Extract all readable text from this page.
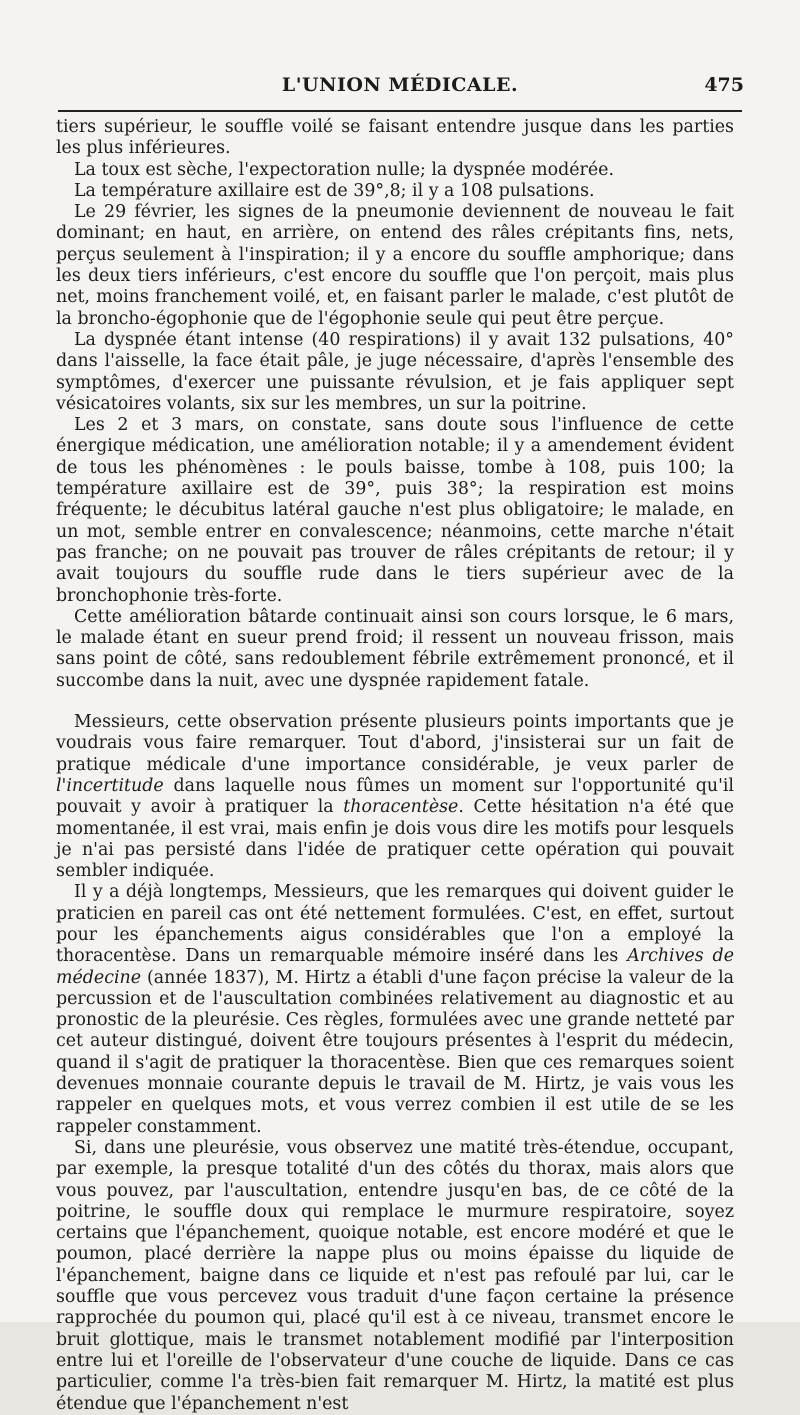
L'UNION MÉDICALE.	475

tiers supérieur, le souffle voilé se faisant entendre jusque dans les parties les plus inférieures.

La toux est sèche, l'expectoration nulle; la dyspnée modérée.

La température axillaire est de 39°,8; il y a 108 pulsations.

Le 29 février, les signes de la pneumonie deviennent de nouveau le fait dominant; en haut, en arrière, on entend des râles crépitants fins, nets, perçus seulement à l'inspiration; il y a encore du souffle amphorique; dans les deux tiers inférieurs, c'est encore du souffle que l'on perçoit, mais plus net, moins franchement voilé, et, en faisant parler le malade, c'est plutôt de la broncho-égophonie que de l'égophonie seule qui peut être perçue.

La dyspnée étant intense (40 respirations) il y avait 132 pulsations, 40° dans l'aisselle, la face était pâle, je juge nécessaire, d'après l'ensemble des symptômes, d'exercer une puissante révulsion, et je fais appliquer sept vésicatoires volants, six sur les membres, un sur la poitrine.

Les 2 et 3 mars, on constate, sans doute sous l'influence de cette énergique médication, une amélioration notable; il y a amendement évident de tous les phénomènes : le pouls baisse, tombe à 108, puis 100; la température axillaire est de 39°, puis 38°; la respiration est moins fréquente; le décubitus latéral gauche n'est plus obligatoire; le malade, en un mot, semble entrer en convalescence; néanmoins, cette marche n'était pas franche; on ne pouvait pas trouver de râles crépitants de retour; il y avait toujours du souffle rude dans le tiers supérieur avec de la bronchophonie très-forte.

Cette amélioration bâtarde continuait ainsi son cours lorsque, le 6 mars, le malade étant en sueur prend froid; il ressent un nouveau frisson, mais sans point de côté, sans redoublement fébrile extrêmement prononcé, et il succombe dans la nuit, avec une dyspnée rapidement fatale.

Messieurs, cette observation présente plusieurs points importants que je voudrais vous faire remarquer. Tout d'abord, j'insisterai sur un fait de pratique médicale d'une importance considérable, je veux parler de l'incertitude dans laquelle nous fûmes un moment sur l'opportunité qu'il pouvait y avoir à pratiquer la thoracentèse. Cette hésitation n'a été que momentanée, il est vrai, mais enfin je dois vous dire les motifs pour lesquels je n'ai pas persisté dans l'idée de pratiquer cette opération qui pouvait sembler indiquée.

Il y a déjà longtemps, Messieurs, que les remarques qui doivent guider le praticien en pareil cas ont été nettement formulées. C'est, en effet, surtout pour les épanchements aigus considérables que l'on a employé la thoracentèse. Dans un remarquable mémoire inséré dans les Archives de médecine (année 1837), M. Hirtz a établi d'une façon précise la valeur de la percussion et de l'auscultation combinées relativement au diagnostic et au pronostic de la pleurésie. Ces règles, formulées avec une grande netteté par cet auteur distingué, doivent être toujours présentes à l'esprit du médecin, quand il s'agit de pratiquer la thoracentèse. Bien que ces remarques soient devenues monnaie courante depuis le travail de M. Hirtz, je vais vous les rappeler en quelques mots, et vous verrez combien il est utile de se les rappeler constamment.

Si, dans une pleurésie, vous observez une matité très-étendue, occupant, par exemple, la presque totalité d'un des côtés du thorax, mais alors que vous pouvez, par l'auscultation, entendre jusqu'en bas, de ce côté de la poitrine, le souffle doux qui remplace le murmure respiratoire, soyez certains que l'épanchement, quoique notable, est encore modéré et que le poumon, placé derrière la nappe plus ou moins épaisse du liquide de l'épanchement, baigne dans ce liquide et n'est pas refoulé par lui, car le souffle que vous percevez vous traduit d'une façon certaine la présence rapprochée du poumon qui, placé qu'il est à ce niveau, transmet encore le bruit glottique, mais le transmet notablement modifié par l'interposition entre lui et l'oreille de l'observateur d'une couche de liquide. Dans ce cas particulier, comme l'a très-bien fait remarquer M. Hirtz, la matité est plus étendue que l'épanchement n'est
